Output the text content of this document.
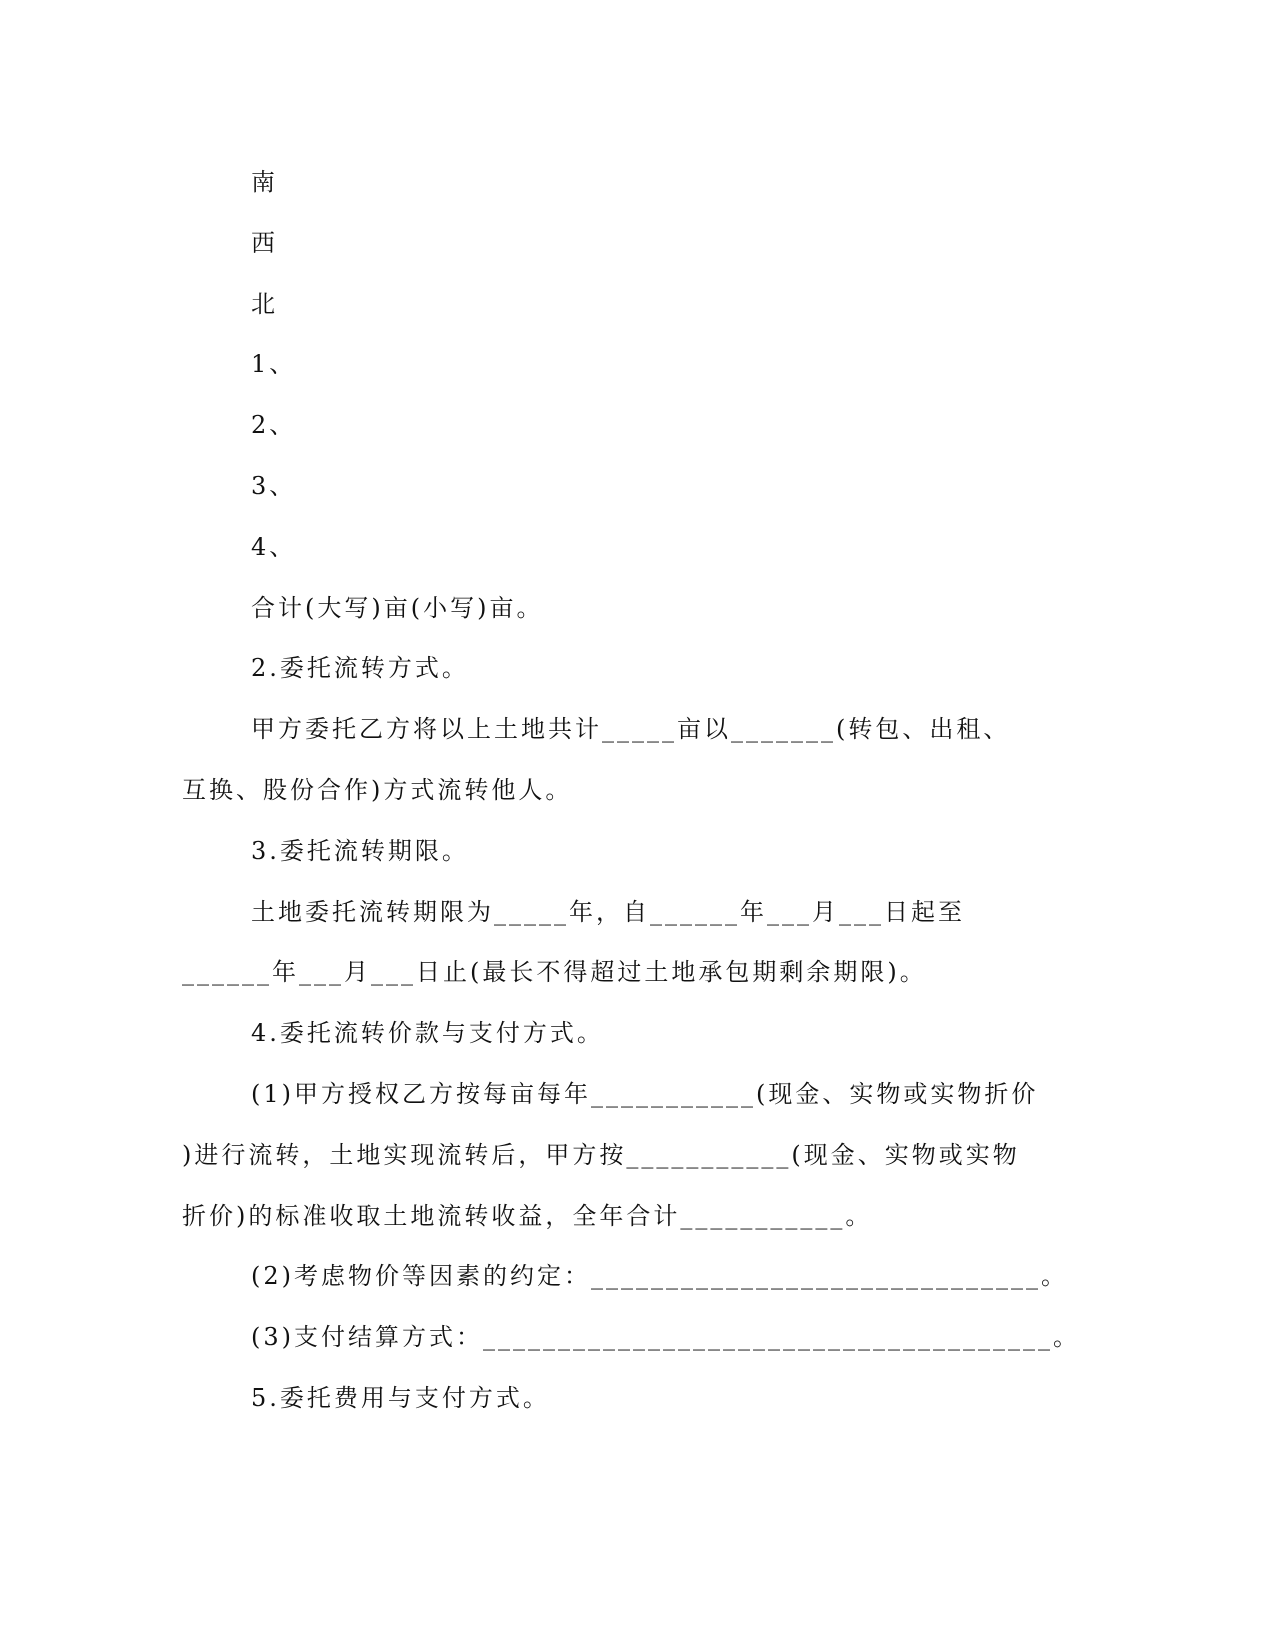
南

西

北

1、

2、

3、

4、

合计(大写)亩(小写)亩。

2.委托流转方式。

甲方委托乙方将以上土地共计_____亩以_______(转包、出租、

互换、股份合作)方式流转他人。

3.委托流转期限。

土地委托流转期限为_____年，自______年___月___日起至

______年___月___日止(最长不得超过土地承包期剩余期限)。

4.委托流转价款与支付方式。

(1)甲方授权乙方按每亩每年___________(现金、实物或实物折价

)进行流转，土地实现流转后，甲方按___________(现金、实物或实物

折价)的标准收取土地流转收益，全年合计___________。

(2)考虑物价等因素的约定：______________________________。

(3)支付结算方式：______________________________________。

5.委托费用与支付方式。
